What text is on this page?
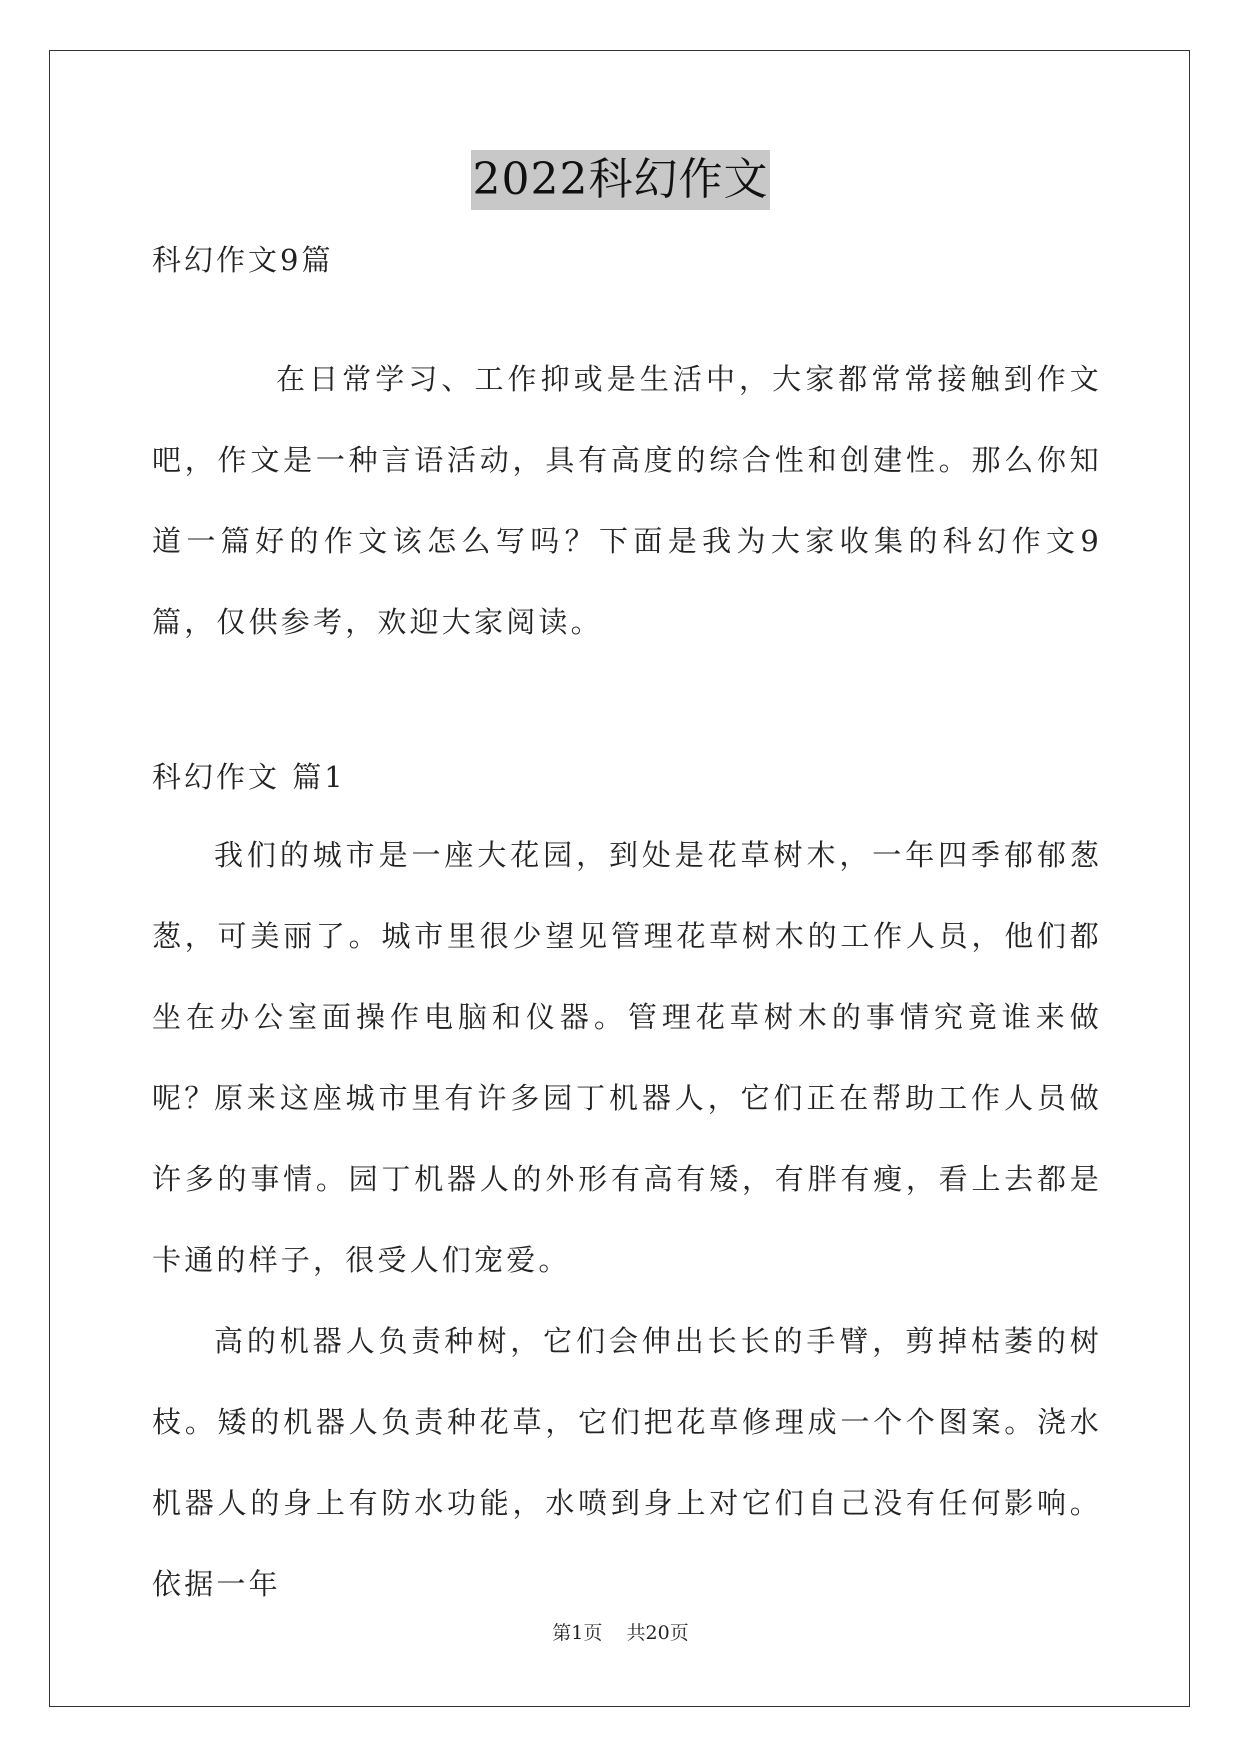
2022科幻作文
科幻作文9篇

在日常学习、工作抑或是生活中，大家都常常接触到作文吧，作文是一种言语活动，具有高度的综合性和创建性。那么你知道一篇好的作文该怎么写吗？下面是我为大家收集的科幻作文9篇，仅供参考，欢迎大家阅读。

科幻作文 篇1

我们的城市是一座大花园，到处是花草树木，一年四季郁郁葱葱，可美丽了。城市里很少望见管理花草树木的工作人员，他们都坐在办公室面操作电脑和仪器。管理花草树木的事情究竟谁来做呢？

原来这座城市里有许多园丁机器人，它们正在帮助工作人员做许多的事情。园丁机器人的外形有高有矮，有胖有瘦，看上去都是卡通的样子，很受人们宠爱。

高的机器人负责种树，它们会伸出长长的手臂，剪掉枯萎的树枝。矮的机器人负责种花草，它们把花草修理成一个个图案。浇水机器人的身上有防水功能，水喷到身上对它们自己没有任何影响。依据一年

第1页 共20页
